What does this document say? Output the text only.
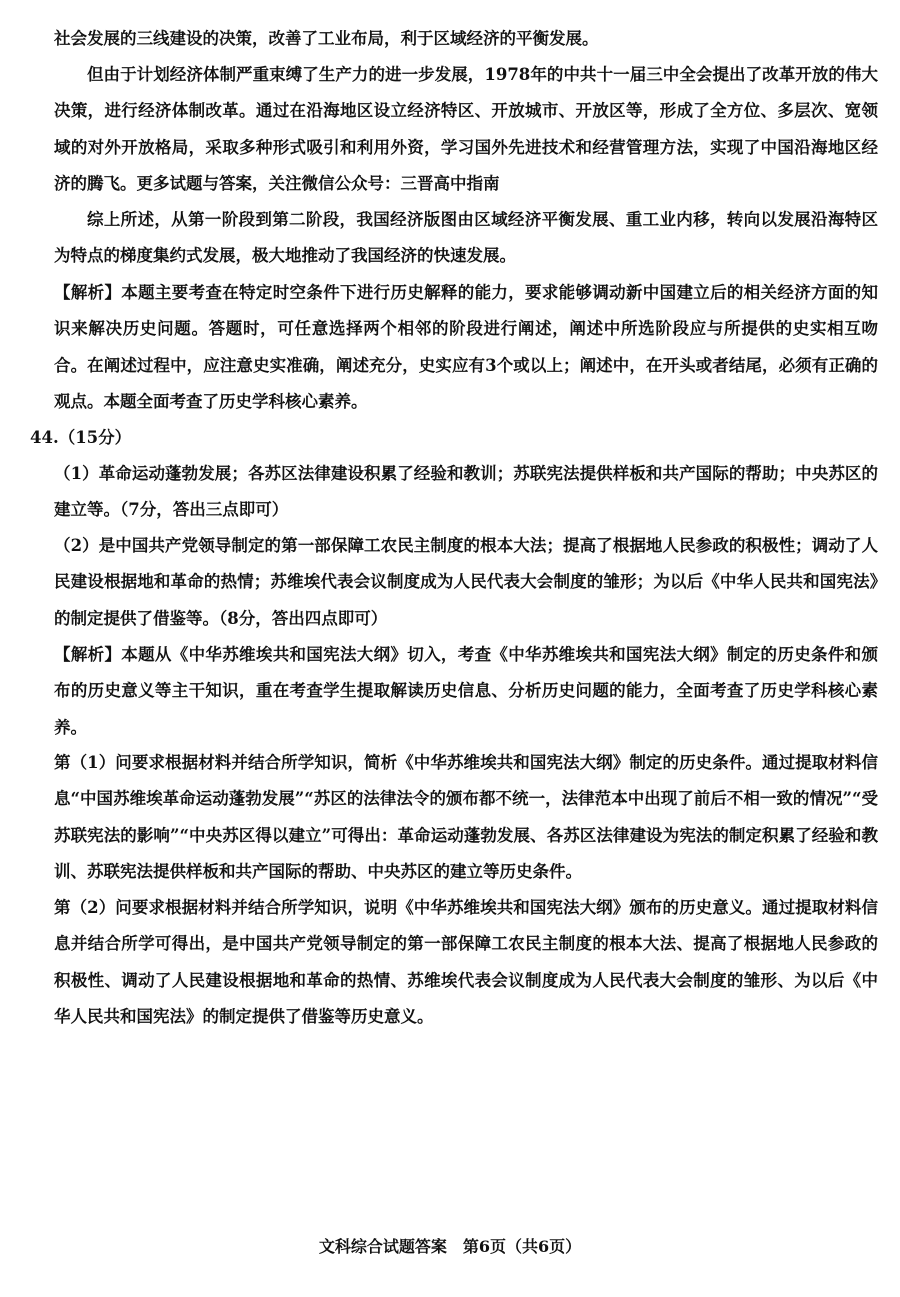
社会发展的三线建设的决策，改善了工业布局，利于区域经济的平衡发展。

但由于计划经济体制严重束缚了生产力的进一步发展，1978年的中共十一届三中全会提出了改革开放的伟大决策，进行经济体制改革。通过在沿海地区设立经济特区、开放城市、开放区等，形成了全方位、多层次、宽领域的对外开放格局，采取多种形式吸引和利用外资，学习国外先进技术和经营管理方法，实现了中国沿海地区经济的腾飞。更多试题与答案，关注微信公众号：三晋高中指南

综上所述，从第一阶段到第二阶段，我国经济版图由区域经济平衡发展、重工业内移，转向以发展沿海特区为特点的梯度集约式发展，极大地推动了我国经济的快速发展。

【解析】本题主要考查在特定时空条件下进行历史解释的能力，要求能够调动新中国建立后的相关经济方面的知识来解决历史问题。答题时，可任意选择两个相邻的阶段进行阐述，阐述中所选阶段应与所提供的史实相互吻合。在阐述过程中，应注意史实准确，阐述充分，史实应有3个或以上；阐述中，在开头或者结尾，必须有正确的观点。本题全面考查了历史学科核心素养。

44.（15分）

（1）革命运动蓬勃发展；各苏区法律建设积累了经验和教训；苏联宪法提供样板和共产国际的帮助；中央苏区的建立等。（7分，答出三点即可）

（2）是中国共产党领导制定的第一部保障工农民主制度的根本大法；提高了根据地人民参政的积极性；调动了人民建设根据地和革命的热情；苏维埃代表会议制度成为人民代表大会制度的雏形；为以后《中华人民共和国宪法》的制定提供了借鉴等。（8分，答出四点即可）

【解析】本题从《中华苏维埃共和国宪法大纲》切入，考查《中华苏维埃共和国宪法大纲》制定的历史条件和颁布的历史意义等主干知识，重在考查学生提取解读历史信息、分析历史问题的能力，全面考查了历史学科核心素养。

第（1）问要求根据材料并结合所学知识，简析《中华苏维埃共和国宪法大纲》制定的历史条件。通过提取材料信息“中国苏维埃革命运动蓬勃发展”“苏区的法律法令的颁布都不统一，法律范本中出现了前后不相一致的情况”“受苏联宪法的影响”“中央苏区得以建立”可得出：革命运动蓬勃发展、各苏区法律建设为宪法的制定积累了经验和教训、苏联宪法提供样板和共产国际的帮助、中央苏区的建立等历史条件。

第（2）问要求根据材料并结合所学知识，说明《中华苏维埃共和国宪法大纲》颁布的历史意义。通过提取材料信息并结合所学可得出，是中国共产党领导制定的第一部保障工农民主制度的根本大法、提高了根据地人民参政的积极性、调动了人民建设根据地和革命的热情、苏维埃代表会议制度成为人民代表大会制度的雏形、为以后《中华人民共和国宪法》的制定提供了借鉴等历史意义。

文科综合试题答案　第6页（共6页）
